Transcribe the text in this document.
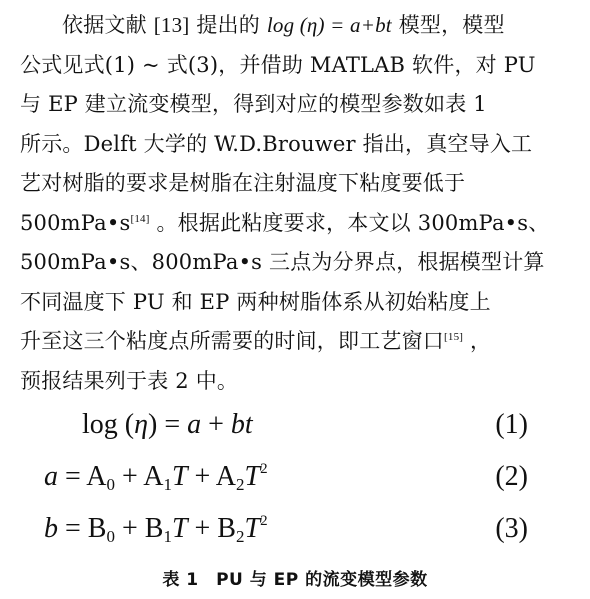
依据文献 [13] 提出的 log (η) = a+bt 模型，模型
公式见式(1) ~ 式(3)，并借助 MATLAB 软件，对 PU
与 EP 建立流变模型，得到对应的模型参数如表 1
所示。Delft 大学的 W.D.Brouwer 指出，真空导入工
艺对树脂的要求是树脂在注射温度下粘度要低于
500mPa•s[14] 。根据此粘度要求，本文以 300mPa•s、
500mPa•s、800mPa•s 三点为分界点，根据模型计算
不同温度下 PU 和 EP 两种树脂体系从初始粘度上
升至这三个粘度点所需要的时间，即工艺窗口[15] ，
预报结果列于表 2 中。

log (η) = a + bt	(1)
$a = A_0 + A_1T + A_2T^2$	(2)
$b = B_0 + B_1T + B_2T^2$	(3)
表 1　PU 与 EP 的流变模型参数
